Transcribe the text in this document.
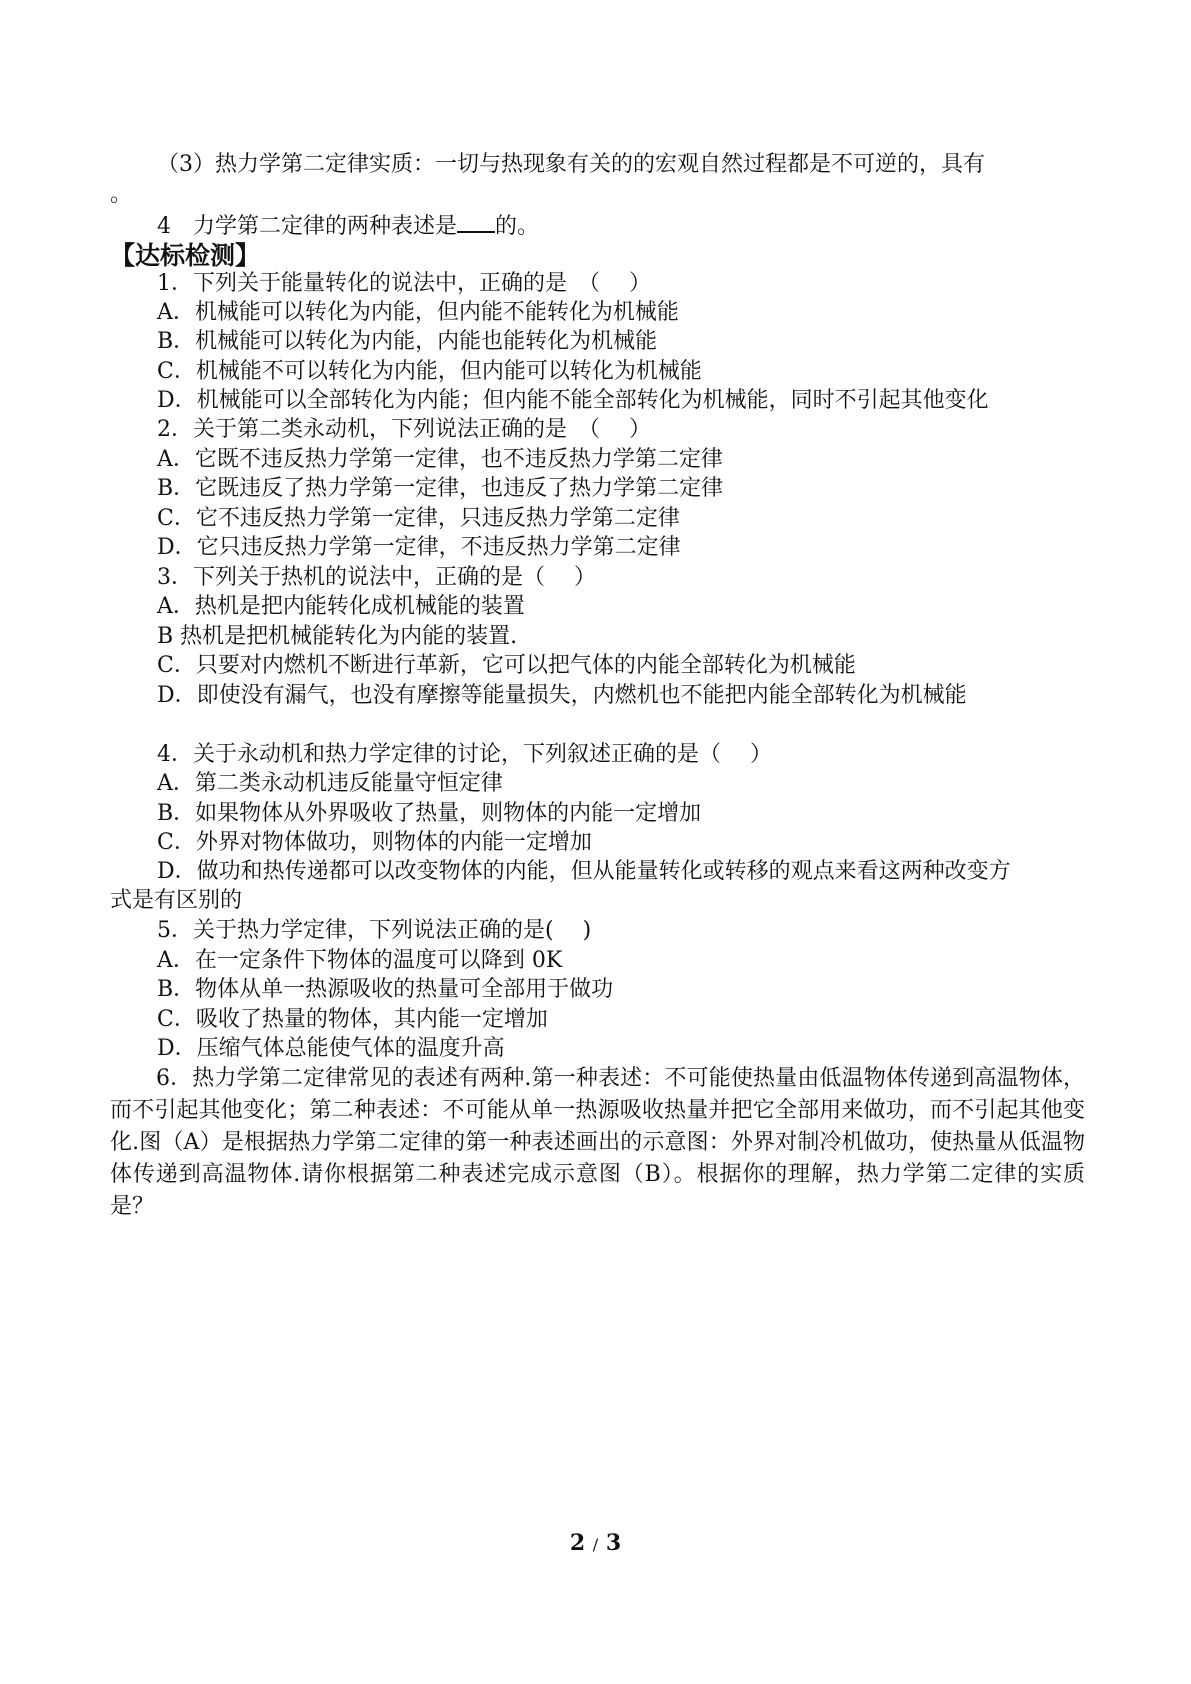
（3）热力学第二定律实质：一切与热现象有关的的宏观自然过程都是不可逆的，具有
。
4　力学第二定律的两种表述是 的。
【达标检测】
1．下列关于能量转化的说法中，正确的是　（　 ）
A．机械能可以转化为内能，但内能不能转化为机械能
B．机械能可以转化为内能，内能也能转化为机械能
C．机械能不可以转化为内能，但内能可以转化为机械能
D．机械能可以全部转化为内能；但内能不能全部转化为机械能，同时不引起其他变化
2．关于第二类永动机，下列说法正确的是　（　 ）
A．它既不违反热力学第一定律，也不违反热力学第二定律
B．它既违反了热力学第一定律，也违反了热力学第二定律
C．它不违反热力学第一定律，只违反热力学第二定律
D．它只违反热力学第一定律，不违反热力学第二定律
3．下列关于热机的说法中，正确的是（　 ）
A．热机是把内能转化成机械能的装置
B 热机是把机械能转化为内能的装置.
C．只要对内燃机不断进行革新，它可以把气体的内能全部转化为机械能
D．即使没有漏气，也没有摩擦等能量损失，内燃机也不能把内能全部转化为机械能
4．关于永动机和热力学定律的讨论，下列叙述正确的是（　 ）
A．第二类永动机违反能量守恒定律
B．如果物体从外界吸收了热量，则物体的内能一定增加
C．外界对物体做功，则物体的内能一定增加
D．做功和热传递都可以改变物体的内能，但从能量转化或转移的观点来看这两种改变方
式是有区别的
5．关于热力学定律，下列说法正确的是(　 )
A．在一定条件下物体的温度可以降到 0K
B．物体从单一热源吸收的热量可全部用于做功
C．吸收了热量的物体，其内能一定增加
D．压缩气体总能使气体的温度升高
6．热力学第二定律常见的表述有两种.第一种表述：不可能使热量由低温物体传递到高温物体，而不引起其他变化；第二种表述：不可能从单一热源吸收热量并把它全部用来做功，而不引起其他变化.图（A）是根据热力学第二定律的第一种表述画出的示意图：外界对制冷机做功，使热量从低温物体传递到高温物体.请你根据第二种表述完成示意图（B）。根据你的理解，热力学第二定律的实质是？
2 / 3
